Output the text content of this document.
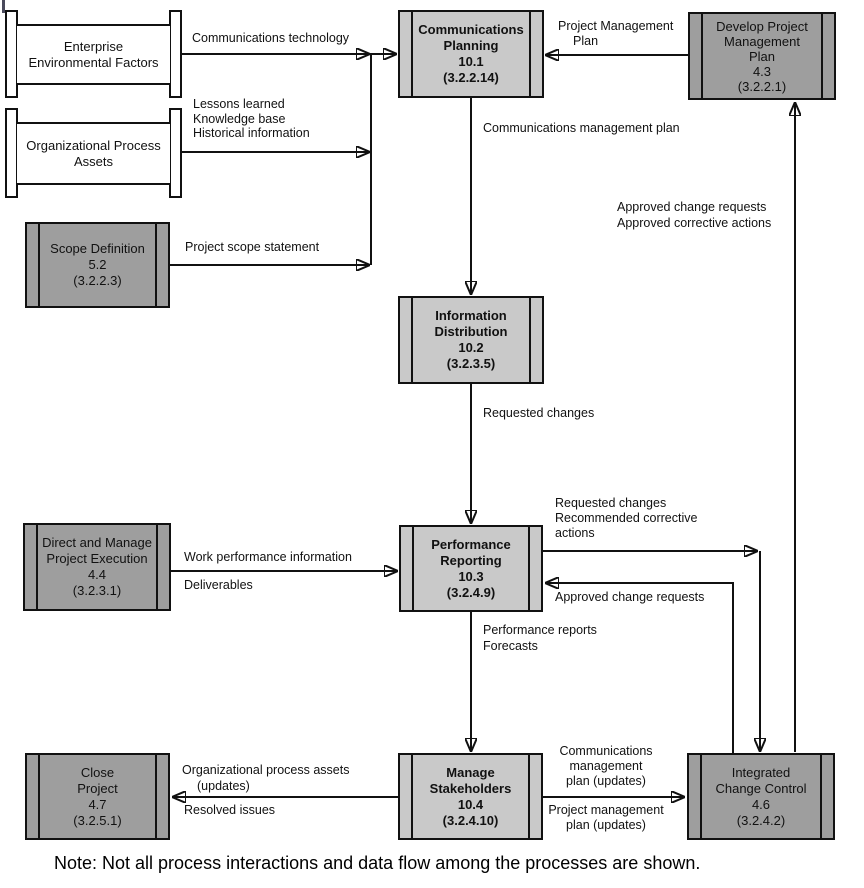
Enterprise
Environmental Factors
Organizational Process
Assets
Scope Definition
5.2
(3.2.2.3)
Communications
Planning
10.1
(3.2.2.14)
Develop Project
Management
Plan
4.3
(3.2.2.1)
Information
Distribution
10.2
(3.2.3.5)
Direct and Manage
Project Execution
4.4
(3.2.3.1)
Performance
Reporting
10.3
(3.2.4.9)
Manage
Stakeholders
10.4
(3.2.4.10)
Close
Project
4.7
(3.2.5.1)
Integrated
Change Control
4.6
(3.2.4.2)
Communications technology
Lessons learned
Knowledge base
Historical information
Project scope statement
Project Management
Plan
Communications management plan
Approved change requests
Approved corrective actions
Requested changes
Work performance information
Deliverables
Requested changes
Recommended corrective
actions
Approved change requests
Performance reports
Forecasts
Organizational process assets
(updates)
Resolved issues
Communications
management
plan (updates)
Project management
plan (updates)
Note: Not all process interactions and data flow among the processes are shown.
